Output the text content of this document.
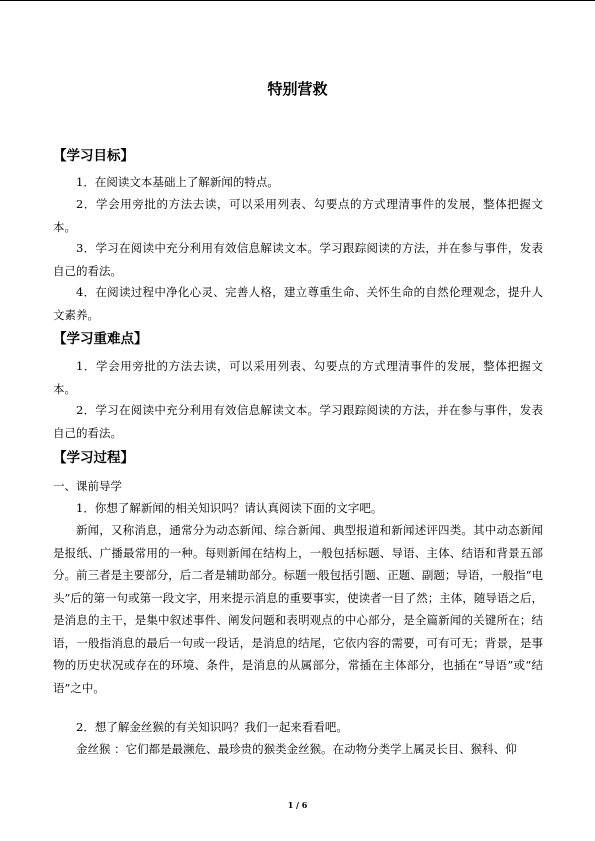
特别营救
【学习目标】

1．在阅读文本基础上了解新闻的特点。

2．学会用旁批的方法去读，可以采用列表、勾要点的方式理清事件的发展，整体把握文本。

3．学习在阅读中充分利用有效信息解读文本。学习跟踪阅读的方法，并在参与事件，发表自己的看法。

4．在阅读过程中净化心灵、完善人格，建立尊重生命、关怀生命的自然伦理观念，提升人文素养。

【学习重难点】

1．学会用旁批的方法去读，可以采用列表、勾要点的方式理清事件的发展，整体把握文本。

2．学习在阅读中充分利用有效信息解读文本。学习跟踪阅读的方法，并在参与事件，发表自己的看法。

【学习过程】

一、课前导学

1．你想了解新闻的相关知识吗？请认真阅读下面的文字吧。

新闻，又称消息，通常分为动态新闻、综合新闻、典型报道和新闻述评四类。其中动态新闻是报纸、广播最常用的一种。每则新闻在结构上，一般包括标题、导语、主体、结语和背景五部分。前三者是主要部分，后二者是辅助部分。标题一般包括引题、正题、副题；导语，一般指“电头”后的第一句或第一段文字，用来提示消息的重要事实，使读者一目了然；主体，随导语之后，是消息的主干，是集中叙述事件、阐发问题和表明观点的中心部分，是全篇新闻的关键所在；结语，一般指消息的最后一句或一段话，是消息的结尾，它依内容的需要，可有可无；背景，是事物的历史状况或存在的环境、条件，是消息的从属部分，常插在主体部分，也插在“导语”或“结语”之中。

2．想了解金丝猴的有关知识吗？我们一起来看看吧。

金丝猴 ：它们都是最濒危、最珍贵的猴类金丝猴。在动物分类学上属灵长目、猴科、仰

1 / 6
